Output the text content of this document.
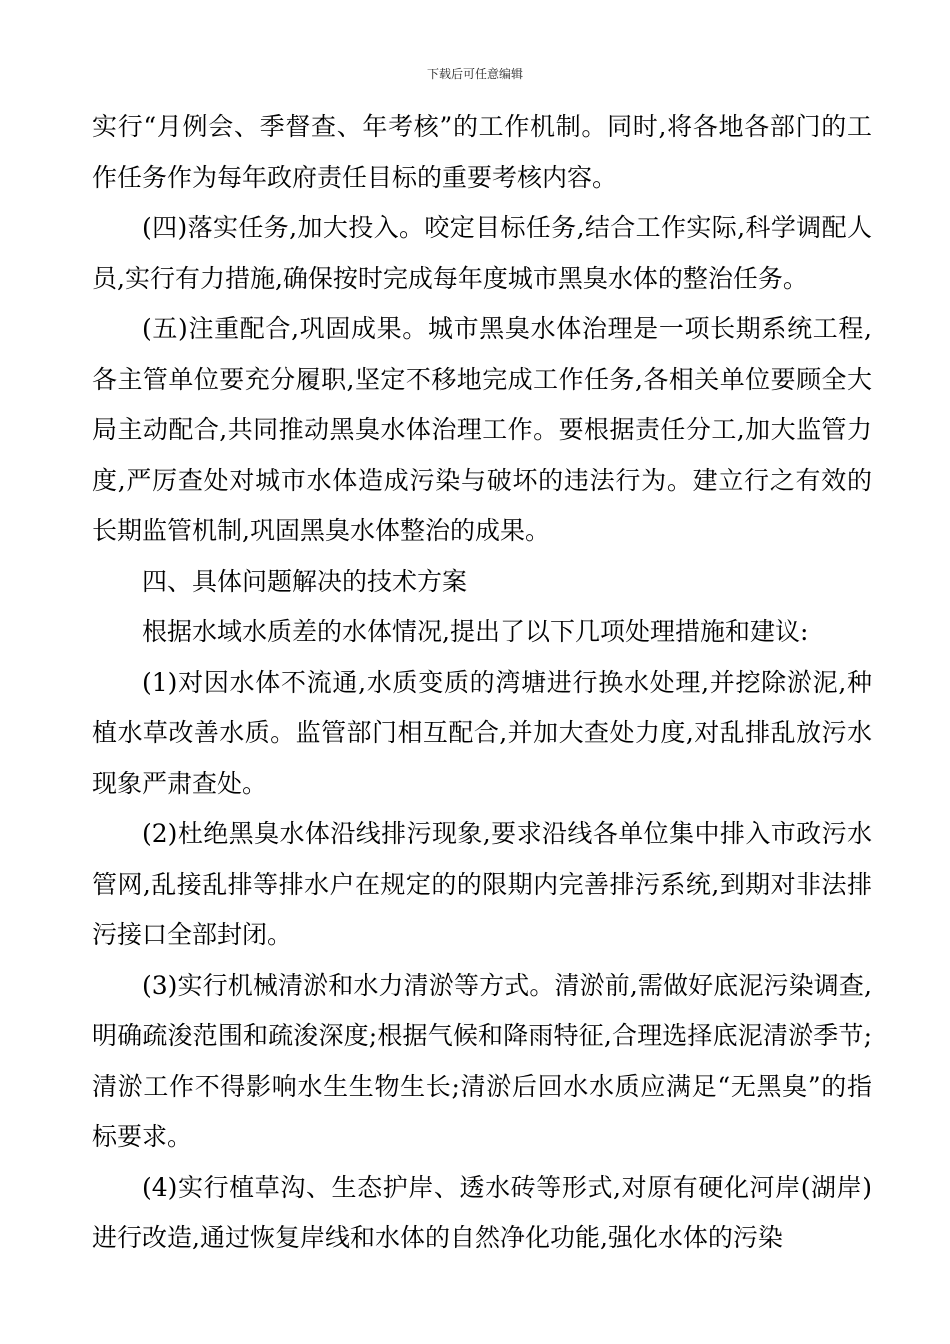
下载后可任意编辑

实行“月例会、季督查、年考核”的工作机制。同时,将各地各部门的工作任务作为每年政府责任目标的重要考核内容。

(四)落实任务,加大投入。咬定目标任务,结合工作实际,科学调配人员,实行有力措施,确保按时完成每年度城市黑臭水体的整治任务。

(五)注重配合,巩固成果。城市黑臭水体治理是一项长期系统工程,各主管单位要充分履职,坚定不移地完成工作任务,各相关单位要顾全大局主动配合,共同推动黑臭水体治理工作。要根据责任分工,加大监管力度,严厉查处对城市水体造成污染与破坏的违法行为。建立行之有效的长期监管机制,巩固黑臭水体整治的成果。

四、具体问题解决的技术方案

根据水域水质差的水体情况,提出了以下几项处理措施和建议:

(1)对因水体不流通,水质变质的湾塘进行换水处理,并挖除淤泥,种植水草改善水质。监管部门相互配合,并加大查处力度,对乱排乱放污水现象严肃查处。

(2)杜绝黑臭水体沿线排污现象,要求沿线各单位集中排入市政污水管网,乱接乱排等排水户在规定的的限期内完善排污系统,到期对非法排污接口全部封闭。

(3)实行机械清淤和水力清淤等方式。清淤前,需做好底泥污染调查,明确疏浚范围和疏浚深度;根据气候和降雨特征,合理选择底泥清淤季节;清淤工作不得影响水生生物生长;清淤后回水水质应满足“无黑臭”的指标要求。

(4)实行植草沟、生态护岸、透水砖等形式,对原有硬化河岸(湖岸)进行改造,通过恢复岸线和水体的自然净化功能,强化水体的污染
